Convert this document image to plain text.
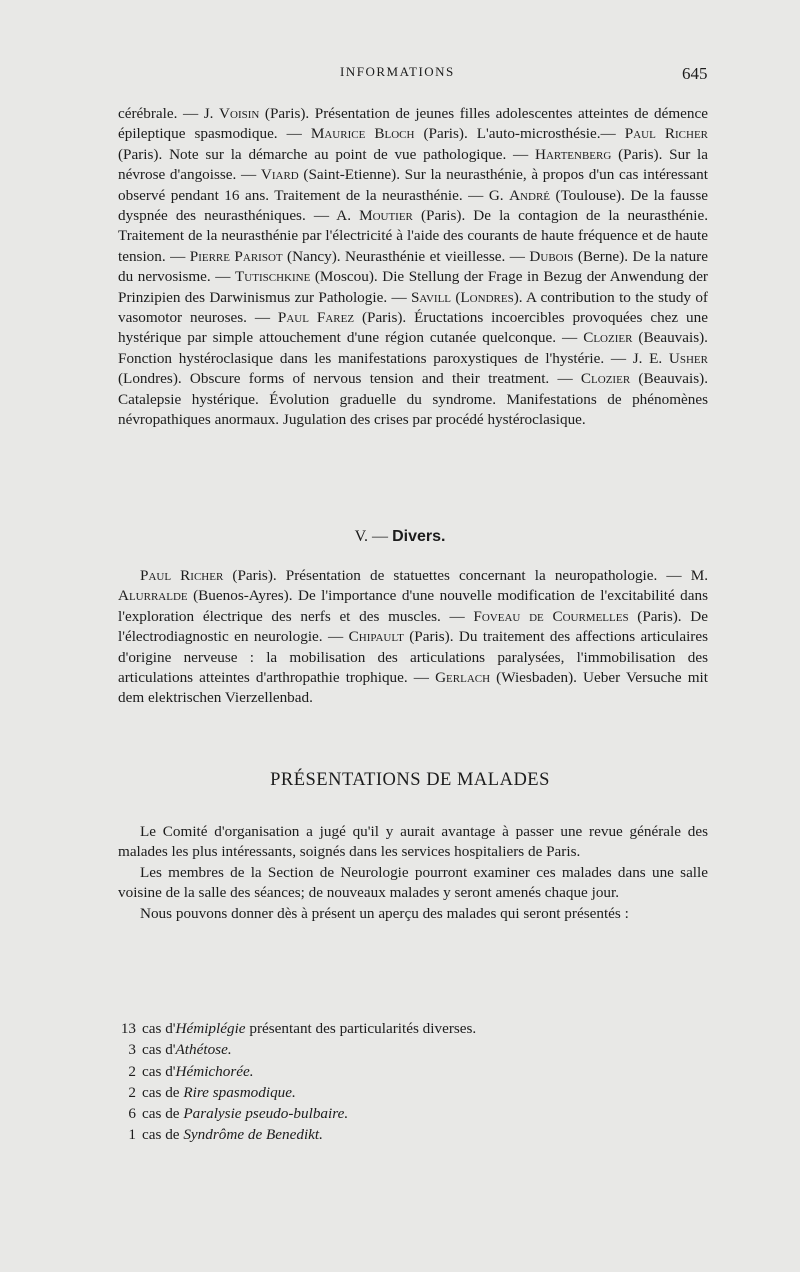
INFORMATIONS	645

cérébrale. — J. Voisin (Paris). Présentation de jeunes filles adolescentes atteintes de démence épileptique spasmodique. — Maurice Bloch (Paris). L'auto-microsthésie.— Paul Richer (Paris). Note sur la démarche au point de vue pathologique. — Hartenberg (Paris). Sur la névrose d'angoisse. — Viard (Saint-Etienne). Sur la neurasthénie, à propos d'un cas intéressant observé pendant 16 ans. Traitement de la neurasthénie. — G. André (Toulouse). De la fausse dyspnée des neurasthéniques. — A. Moutier (Paris). De la contagion de la neurasthénie. Traitement de la neurasthénie par l'électricité à l'aide des courants de haute fréquence et de haute tension. — Pierre Parisot (Nancy). Neurasthénie et vieillesse. — Dubois (Berne). De la nature du nervosisme. — Tutischkine (Moscou). Die Stellung der Frage in Bezug der Anwendung der Prinzipien des Darwinismus zur Pathologie. — Savill (Londres). A contribution to the study of vasomotor neuroses. — Paul Farez (Paris). Éructations incoercibles provoquées chez une hystérique par simple attouchement d'une région cutanée quelconque. — Clozier (Beauvais). Fonction hystéroclasique dans les manifestations paroxystiques de l'hystérie. — J. E. Usher (Londres). Obscure forms of nervous tension and their treatment. — Clozier (Beauvais). Catalepsie hystérique. Évolution graduelle du syndrome. Manifestations de phénomènes névropathiques anormaux. Jugulation des crises par procédé hystéroclasique.

V. — Divers.

Paul Richer (Paris). Présentation de statuettes concernant la neuropathologie. — M. Alurralde (Buenos-Ayres). De l'importance d'une nouvelle modification de l'excitabilité dans l'exploration électrique des nerfs et des muscles. — Foveau de Courmelles (Paris). De l'électrodiagnostic en neurologie. — Chipault (Paris). Du traitement des affections articulaires d'origine nerveuse : la mobilisation des articulations paralysées, l'immobilisation des articulations atteintes d'arthropathie trophique. — Gerlach (Wiesbaden). Ueber Versuche mit dem elektrischen Vierzellenbad.

PRÉSENTATIONS DE MALADES

Le Comité d'organisation a jugé qu'il y aurait avantage à passer une revue générale des malades les plus intéressants, soignés dans les services hospitaliers de Paris.

Les membres de la Section de Neurologie pourront examiner ces malades dans une salle voisine de la salle des séances; de nouveaux malades y seront amenés chaque jour.

Nous pouvons donner dès à présent un aperçu des malades qui seront présentés :

13 cas d'Hémiplégie présentant des particularités diverses.
3 cas d'Athétose.
2 cas d'Hémichorée.
2 cas de Rire spasmodique.
6 cas de Paralysie pseudo-bulbaire.
1 cas de Syndrôme de Benedikt.
